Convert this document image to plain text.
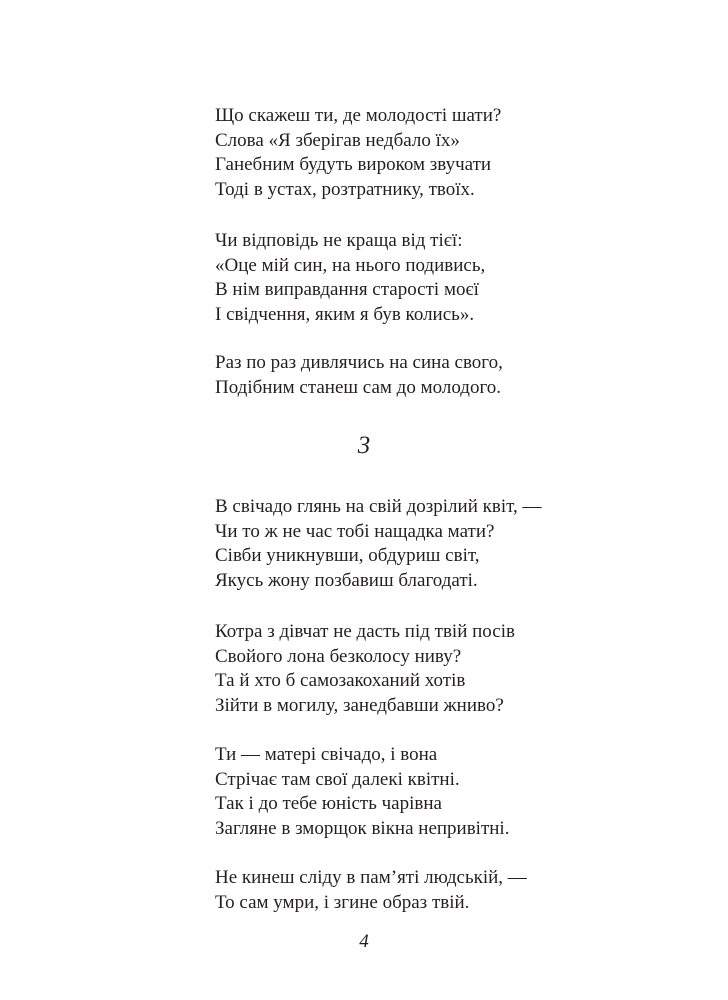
Що скажеш ти, де молодості шати?
Слова «Я зберігав недбало їх»
Ганебним будуть вироком звучати
Тоді в устах, розтратнику, твоїх.

Чи відповідь не краща від тієї:
«Оце мій син, на нього подивись,
В нім виправдання старості моєї
І свідчення, яким я був колись».

Раз по раз дивлячись на сина свого,
Подібним станеш сам до молодого.

3

В свічадо глянь на свій дозрілий квіт, —
Чи то ж не час тобі нащадка мати?
Сівби уникнувши, обдуриш світ,
Якусь жону позбавиш благодаті.

Котра з дівчат не дасть під твій посів
Свойого лона безколосу ниву?
Та й хто б самозакоханий хотів
Зійти в могилу, занедбавши жниво?

Ти — матері свічадо, і вона
Стрічає там свої далекі квітні.
Так і до тебе юність чарівна
Загляне в зморщок вікна непривітні.

Не кинеш сліду в пам’яті людській, —
То сам умри, і згине образ твій.

4
